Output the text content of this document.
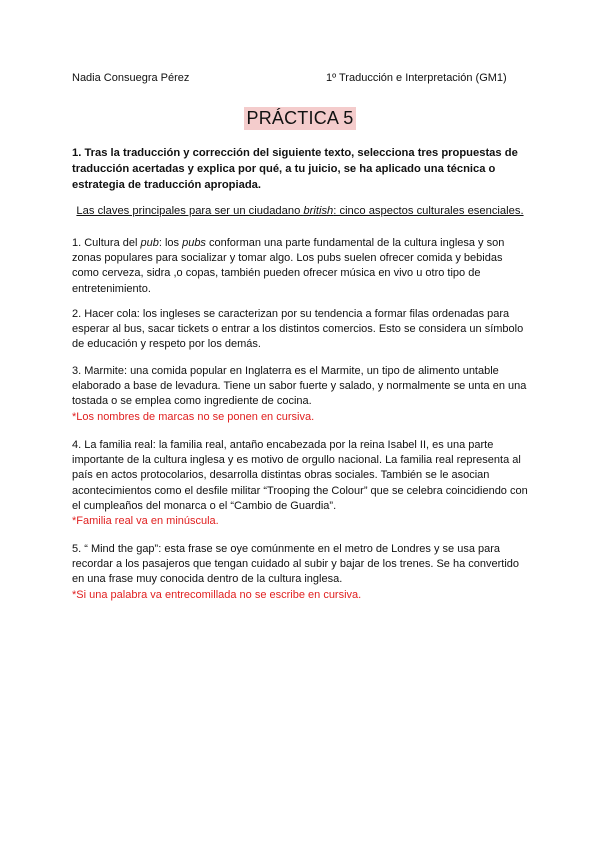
Nadia Consuegra Pérez	1º Traducción e Interpretación (GM1)
PRÁCTICA 5
1. Tras la traducción y corrección del siguiente texto, selecciona tres propuestas de traducción acertadas y explica por qué, a tu juicio, se ha aplicado una técnica o estrategia de traducción apropiada.
Las claves principales para ser un ciudadano british: cinco aspectos culturales esenciales.

1. Cultura del pub: los pubs conforman una parte fundamental de la cultura inglesa y son zonas populares para socializar y tomar algo. Los pubs suelen ofrecer comida y bebidas como cerveza, sidra ,o copas, también pueden ofrecer música en vivo u otro tipo de entretenimiento.

2. Hacer cola: los ingleses se caracterizan por su tendencia a formar filas ordenadas para esperar al bus, sacar tickets o entrar a los distintos comercios. Esto se considera un símbolo de educación y respeto por los demás.

3. Marmite: una comida popular en Inglaterra es el Marmite, un tipo de alimento untable elaborado a base de levadura. Tiene un sabor fuerte y salado, y normalmente se unta en una tostada o se emplea como ingrediente de cocina.

*Los nombres de marcas no se ponen en cursiva.

4. La familia real: la familia real, antaño encabezada por la reina Isabel II, es una parte importante de la cultura inglesa y es motivo de orgullo nacional. La familia real representa al país en actos protocolarios, desarrolla distintas obras sociales. También se le asocian acontecimientos como el desfile militar “Trooping the Colour” que se celebra coincidiendo con el cumpleaños del monarca o el “Cambio de Guardia”.

*Familia real va en minúscula.

5. “ Mind the gap”: esta frase se oye comúnmente en el metro de Londres y se usa para recordar a los pasajeros que tengan cuidado al subir y bajar de los trenes. Se ha convertido en una frase muy conocida dentro de la cultura inglesa.

*Si una palabra va entrecomillada no se escribe en cursiva.
